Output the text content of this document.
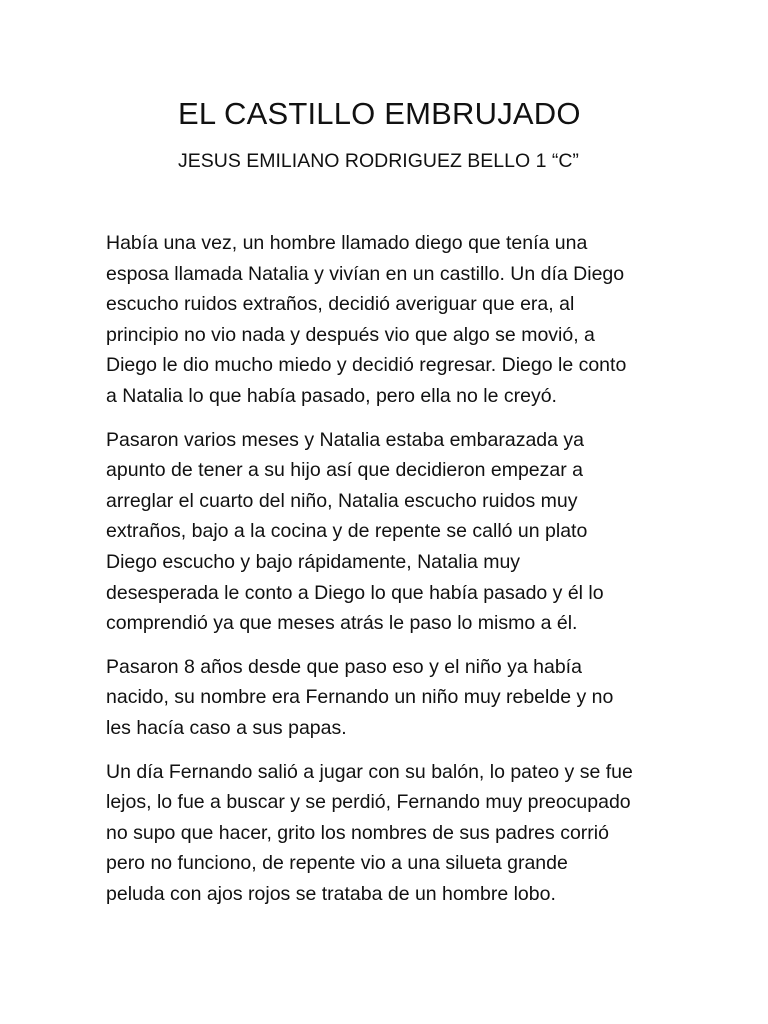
EL CASTILLO EMBRUJADO
JESUS EMILIANO RODRIGUEZ BELLO 1 “C”

Había una vez, un hombre llamado diego que tenía una
esposa llamada Natalia y vivían en un castillo. Un día Diego
escucho ruidos extraños, decidió averiguar que era, al
principio no vio nada y después vio que algo se movió, a
Diego le dio mucho miedo y decidió regresar. Diego le conto
a Natalia lo que había pasado, pero ella no le creyó.

Pasaron varios meses y Natalia estaba embarazada ya
apunto de tener a su hijo así que decidieron empezar a
arreglar el cuarto del niño, Natalia escucho ruidos muy
extraños, bajo a la cocina y de repente se calló un plato
Diego escucho y bajo rápidamente, Natalia muy
desesperada le conto a Diego lo que había pasado y él lo
comprendió ya que meses atrás le paso lo mismo a él.

Pasaron 8 años desde que paso eso y el niño ya había
nacido, su nombre era Fernando un niño muy rebelde y no
les hacía caso a sus papas.

Un día Fernando salió a jugar con su balón, lo pateo y se fue
lejos, lo fue a buscar y se perdió, Fernando muy preocupado
no supo que hacer, grito los nombres de sus padres corrió
pero no funciono, de repente vio a una silueta grande
peluda con ajos rojos se trataba de un hombre lobo.
